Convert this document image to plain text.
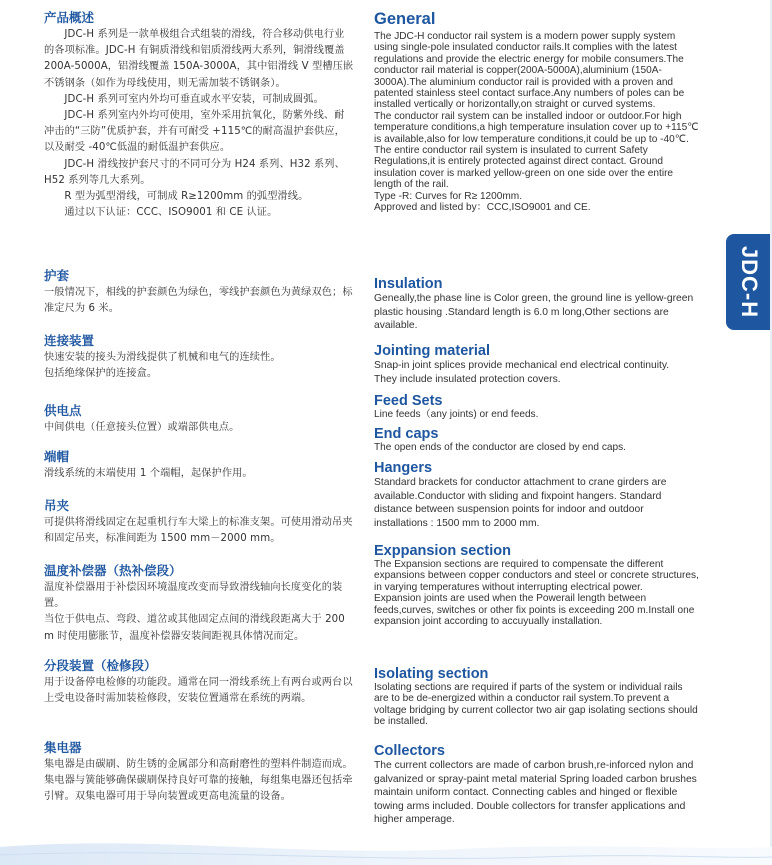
产品概述

JDC-H 系列是一款单极组合式组装的滑线，符合移动供电行业的各项标准。JDC-H 有铜质滑线和铝质滑线两大系列，铜滑线覆盖 200A-5000A，铝滑线覆盖 150A-3000A，其中铝滑线 V 型槽压嵌不锈钢条（如作为母线使用，则无需加装不锈钢条）。

JDC-H 系列可室内外均可垂直或水平安装，可制成圆弧。

JDC-H 系列室内外均可使用，室外采用抗氧化，防紫外线、耐冲击的“三防”优质护套，并有可耐受 +115℃的耐高温护套供应，以及耐受 -40℃低温的耐低温护套供应。

JDC-H 滑线按护套尺寸的不同可分为 H24 系列、H32 系列、H52 系列等几大系列。

R 型为弧型滑线，可制成 R≥1200mm 的弧型滑线。

通过以下认证：CCC、ISO9001 和 CE 认证。

护套

一般情况下，相线的护套颜色为绿色，零线护套颜色为黄绿双色；标准定尺为 6 米。

连接装置

快速安装的接头为滑线提供了机械和电气的连续性。

包括绝缘保护的连接盒。

供电点

中间供电（任意接头位置）或端部供电点。

端帽

滑线系统的末端使用 1 个端帽，起保护作用。

吊夹

可提供将滑线固定在起重机行车大梁上的标准支架。可使用滑动吊夹和固定吊夹，标准间距为 1500 mm－2000 mm。

温度补偿器（热补偿段）

温度补偿器用于补偿因环境温度改变而导致滑线轴向长度变化的装置。

当位于供电点、弯段、道岔或其他固定点间的滑线段距离大于 200 m 时使用膨胀节，温度补偿器安装间距视具体情况而定。

分段装置（检修段）

用于设备停电检修的功能段。通常在同一滑线系统上有两台或两台以上受电设备时需加装检修段，安装位置通常在系统的两端。

集电器

集电器是由碳刷、防生锈的金属部分和高耐磨性的塑料件制造而成。

集电器与簧能够确保碳刷保持良好可靠的接触，每组集电器还包括牵引臂。双集电器可用于导向装置或更高电流量的设备。

General

The JDC-H conductor rail system is a modern power supply system using single-pole insulated conductor rails.It complies with the latest regulations and provide the electric energy for mobile consumers.The conductor rail material is copper(200A-5000A),aluminium (150A-3000A).The aluminium conductor rail is provided with a proven and patented stainless steel contact surface.Any numbers of poles can be installed vertically or horizontally,on straight or curved systems.

The conductor rail system can be installed indoor or outdoor.For high temperature conditions,a high temperature insulation cover up to +115℃ is available,also for low temperature conditions,it could be up to -40℃.

The entire conductor rail system is insulated to current Safety Regulations,it is entirely protected against direct contact. Ground insulation cover is marked yellow-green on one side over the entire length of the rail.

Type -R: Curves for R≥ 1200mm.

Approved and listed by：CCC,ISO9001 and CE.

Insulation

Geneally,the phase line is Color green, the ground line is yellow-green plastic housing .Standard length is 6.0 m long,Other sections are available.

Jointing material

Snap-in joint splices provide mechanical end electrical continuity.

They include insulated protection covers.

Feed Sets

Line feeds（any joints) or end feeds.

End caps

The open ends of the conductor are closed by end caps.

Hangers

Standard brackets for conductor attachment to crane girders are available.Conductor with sliding and fixpoint hangers. Standard distance between suspension points for indoor and outdoor installations : 1500 mm to 2000 mm.

Exppansion section

The Expansion sections are required to compensate the different expansions between copper conductors and steel or concrete structures, in varying temperatures without interrupting electrical power.

Expansion joints are used when the Powerail length between feeds,curves, switches or other fix points is exceeding 200 m.Install one expansion joint according to accuyually installation.

Isolating section

Isolating sections are required if parts of the system or individual rails are to be de-energized within a conductor rail system.To prevent a voltage bridging by current collector two air gap isolating sections should be installed.

Collectors

The current collectors are made of carbon brush,re-inforced nylon and galvanized or spray-paint metal material Spring loaded carbon brushes maintain uniform contact. Connecting cables and hinged or flexible towing arms included. Double collectors for transfer applications and higher amperage.

JDC-H
